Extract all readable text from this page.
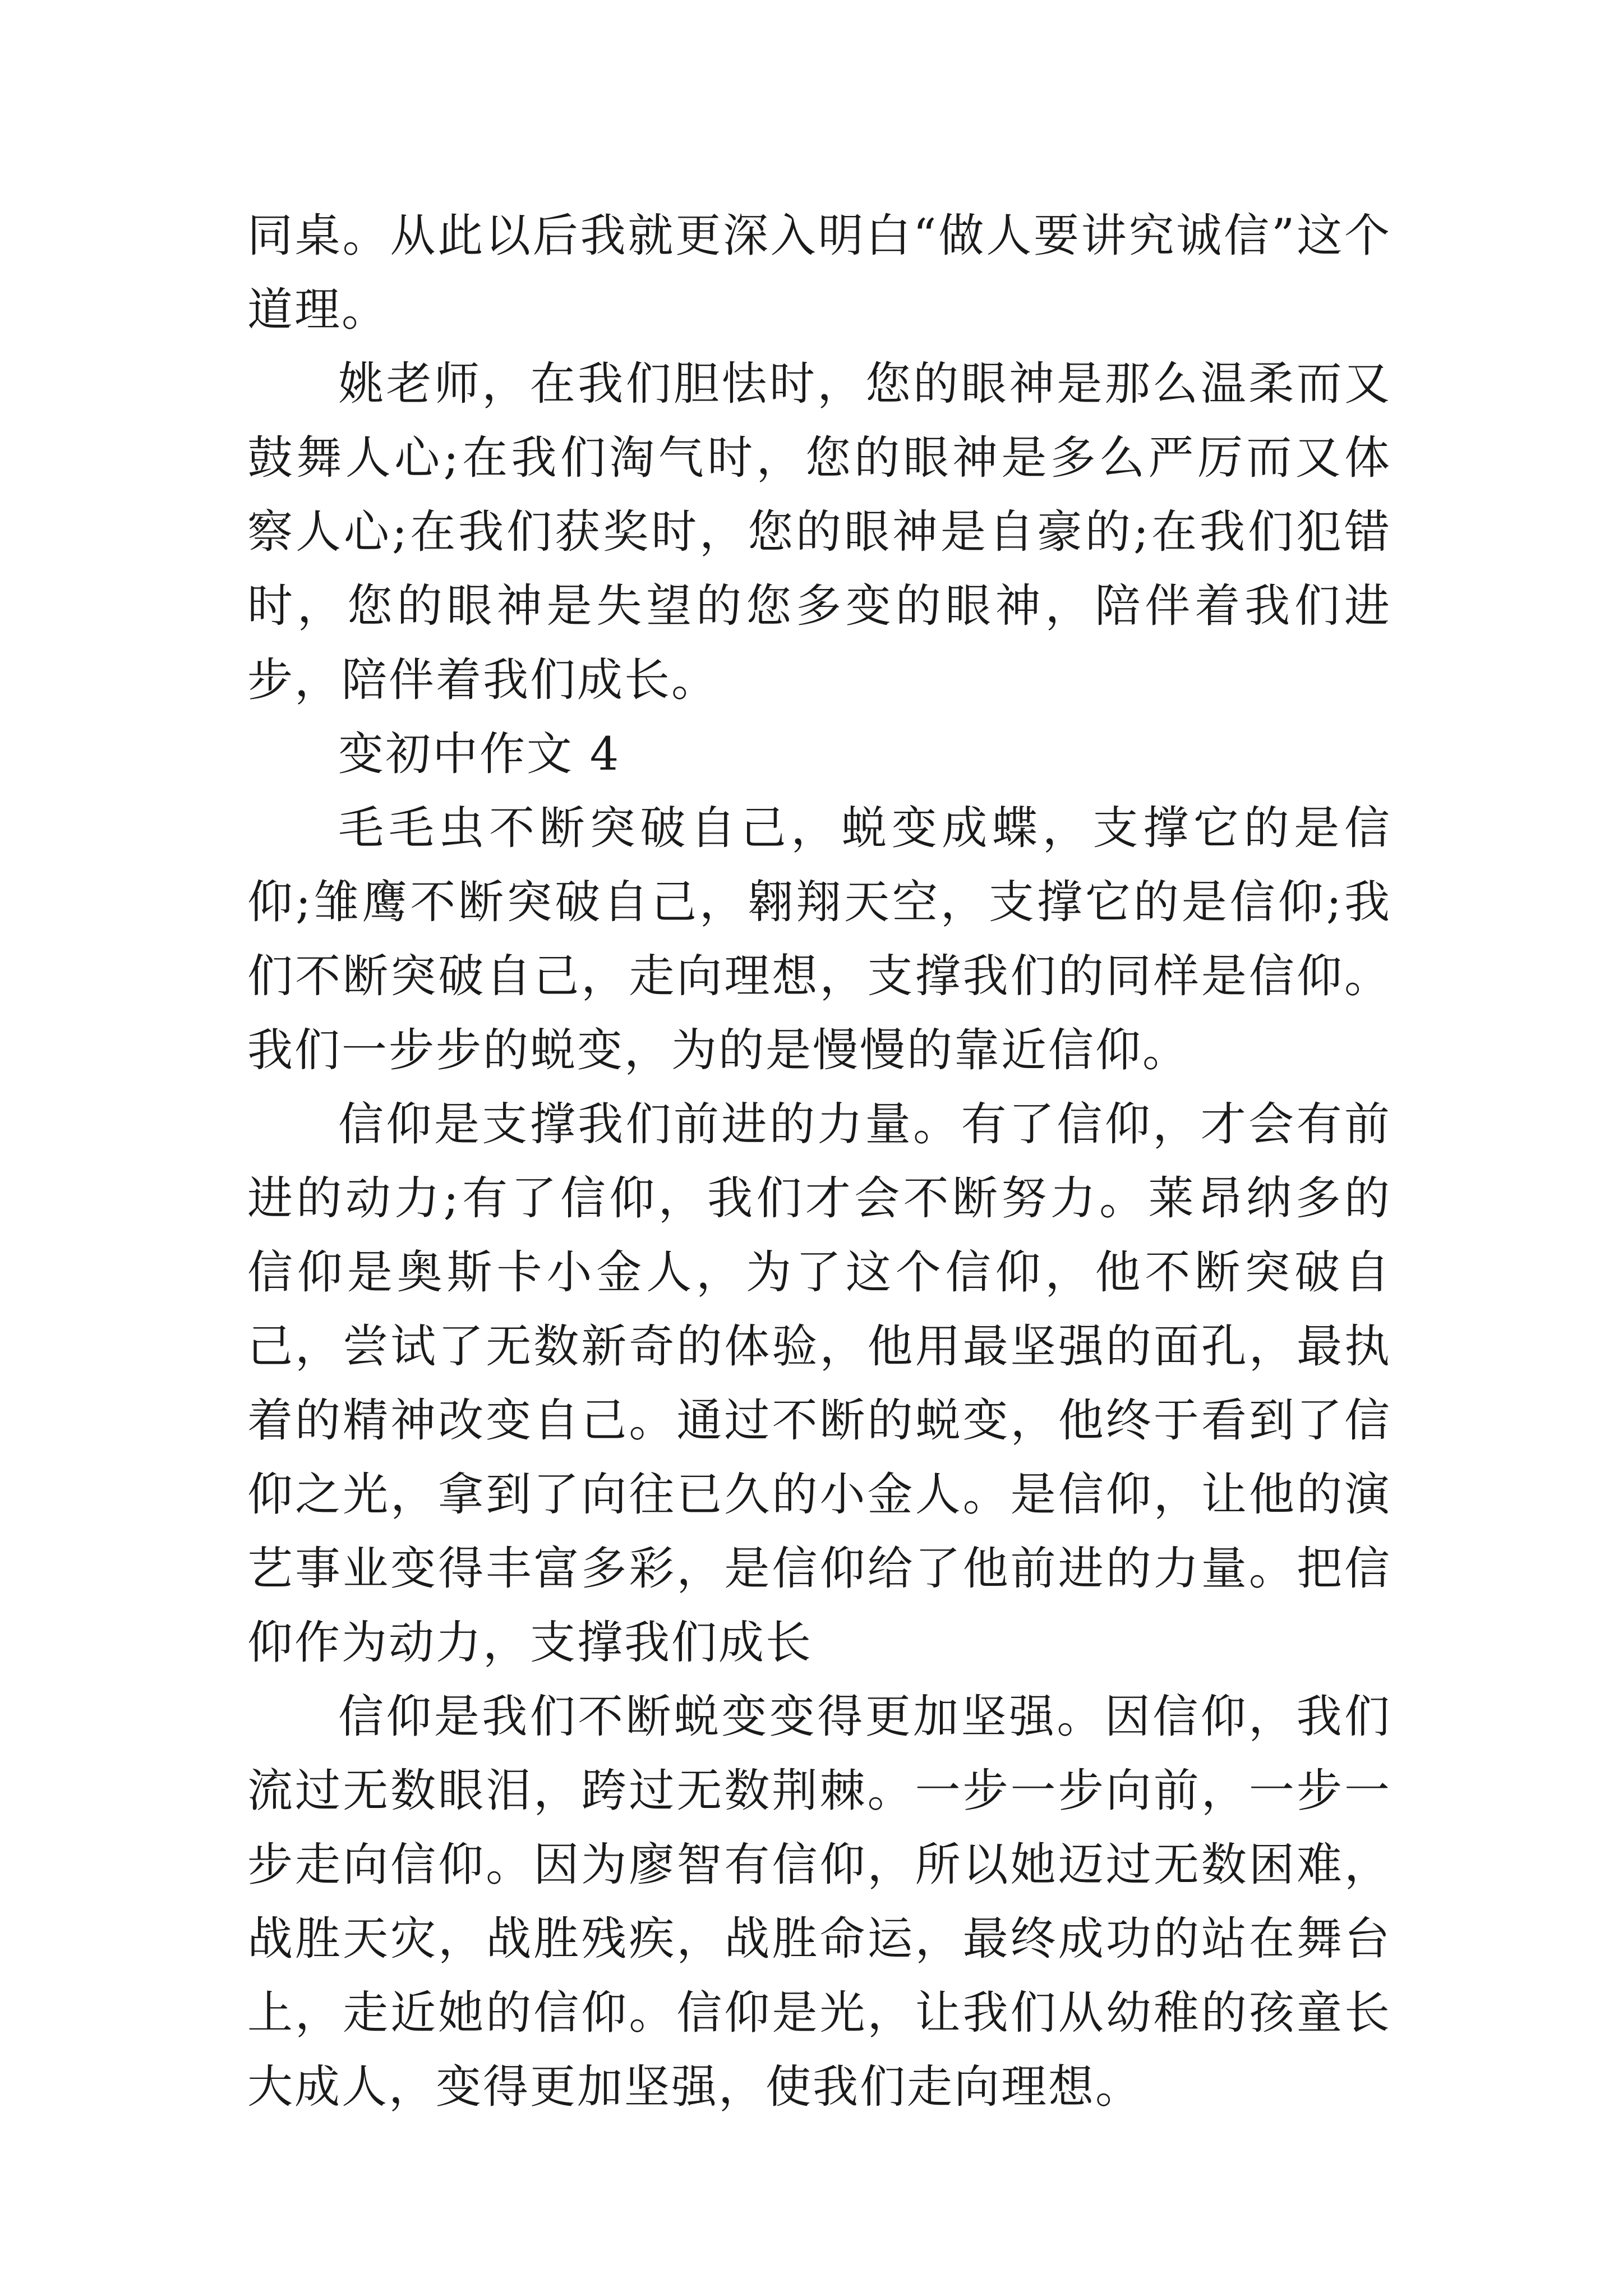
同桌。从此以后我就更深入明白“做人要讲究诚信”这个道理。

姚老师，在我们胆怯时，您的眼神是那么温柔而又鼓舞人心;在我们淘气时，您的眼神是多么严厉而又体察人心;在我们获奖时，您的眼神是自豪的;在我们犯错时，您的眼神是失望的您多变的眼神，陪伴着我们进步，陪伴着我们成长。

变初中作文 4

毛毛虫不断突破自己，蜕变成蝶，支撑它的是信仰;雏鹰不断突破自己，翱翔天空，支撑它的是信仰;我们不断突破自己，走向理想，支撑我们的同样是信仰。我们一步步的蜕变，为的是慢慢的靠近信仰。

信仰是支撑我们前进的力量。有了信仰，才会有前进的动力;有了信仰，我们才会不断努力。莱昂纳多的信仰是奥斯卡小金人，为了这个信仰，他不断突破自己，尝试了无数新奇的体验，他用最坚强的面孔，最执着的精神改变自己。通过不断的蜕变，他终于看到了信仰之光，拿到了向往已久的小金人。是信仰，让他的演艺事业变得丰富多彩，是信仰给了他前进的力量。把信仰作为动力，支撑我们成长

信仰是我们不断蜕变变得更加坚强。因信仰，我们流过无数眼泪，跨过无数荆棘。一步一步向前，一步一步走向信仰。因为廖智有信仰，所以她迈过无数困难，战胜天灾，战胜残疾，战胜命运，最终成功的站在舞台上，走近她的信仰。信仰是光，让我们从幼稚的孩童长大成人，变得更加坚强，使我们走向理想。
